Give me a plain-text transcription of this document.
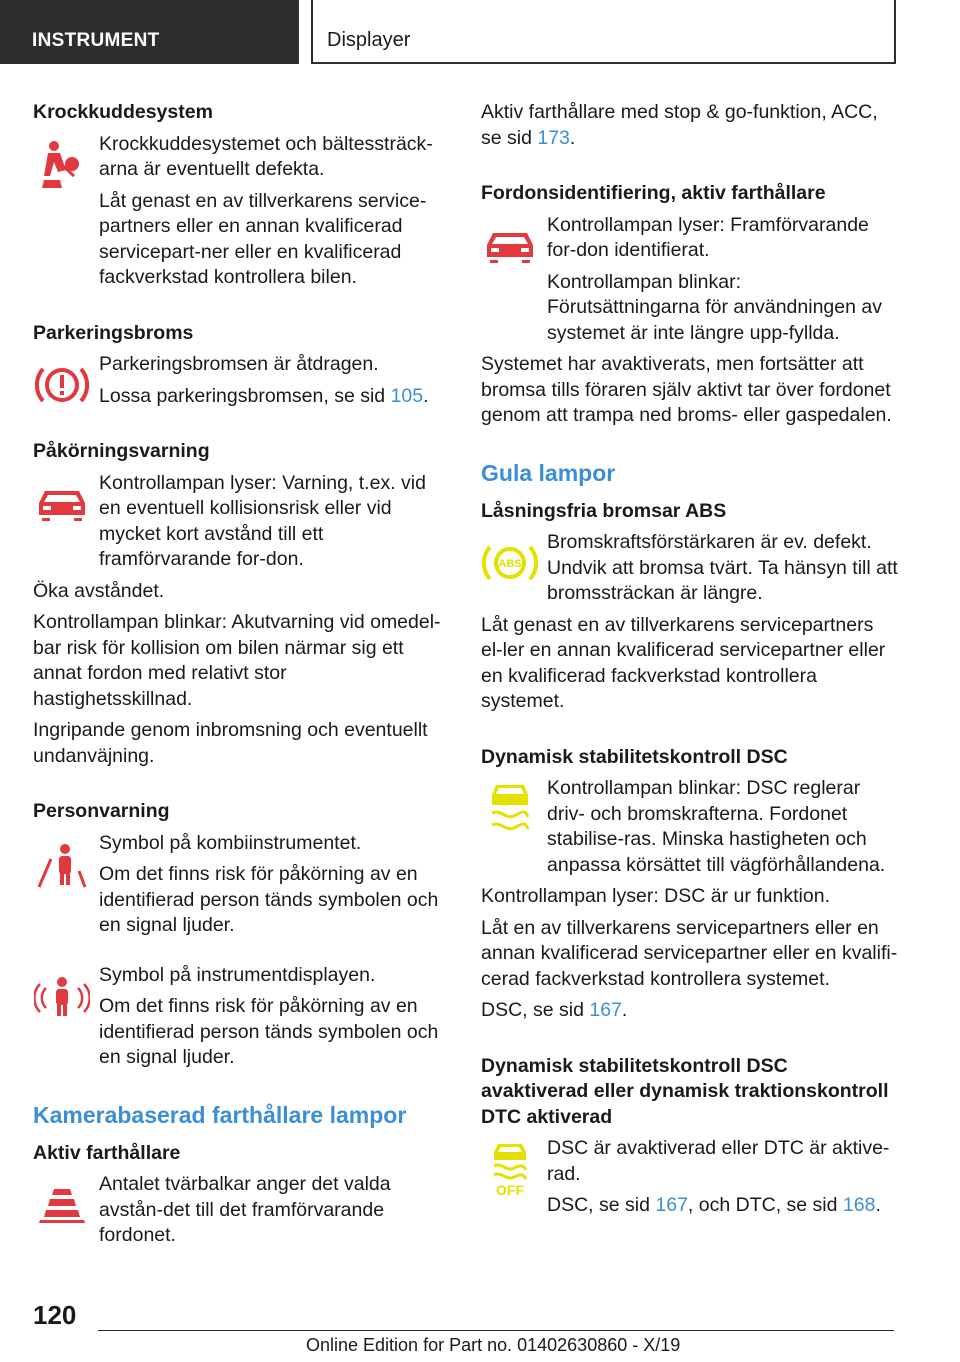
INSTRUMENT	Displayer
Krockkuddesystem

Krockkuddesystemet och bältessträck-arna är eventuellt defekta.

Låt genast en av tillverkarens service-partners eller en annan kvalificerad servicepart-ner eller en kvalificerad fackverkstad kontrollera bilen.

Parkeringsbroms

Parkeringsbromsen är åtdragen.

Lossa parkeringsbromsen, se sid 105.

Påkörningsvarning

Kontrollampan lyser: Varning, t.ex. vid en eventuell kollisionsrisk eller vid mycket kort avstånd till ett framförvarande for-don.

Öka avståndet.

Kontrollampan blinkar: Akutvarning vid omedel-bar risk för kollision om bilen närmar sig ett annat fordon med relativt stor hastighetsskillnad.

Ingripande genom inbromsning och eventuellt undanväjning.

Personvarning

Symbol på kombiinstrumentet.

Om det finns risk för påkörning av en identifierad person tänds symbolen och en signal ljuder.

Symbol på instrumentdisplayen.

Om det finns risk för påkörning av en identifierad person tänds symbolen och en signal ljuder.

Kamerabaserad farthållare lampor
Aktiv farthållare

Antalet tvärbalkar anger det valda avstån-det till det framförvarande fordonet.

Aktiv farthållare med stop & go-funktion, ACC, se sid 173.

Fordonsidentifiering, aktiv farthållare

Kontrollampan lyser: Framförvarande for-don identifierat.

Kontrollampan blinkar: Förutsättningarna för användningen av systemet är inte längre upp-fyllda.

Systemet har avaktiverats, men fortsätter att bromsa tills föraren själv aktivt tar över fordonet genom att trampa ned broms- eller gaspedalen.

Gula lampor
Låsningsfria bromsar ABS
ABS

Bromskraftsförstärkaren är ev. defekt. Undvik att bromsa tvärt. Ta hänsyn till att bromssträckan är längre.

Låt genast en av tillverkarens servicepartners el-ler en annan kvalificerad servicepartner eller en kvalificerad fackverkstad kontrollera systemet.

Dynamisk stabilitetskontroll DSC

Kontrollampan blinkar: DSC reglerar driv- och bromskrafterna. Fordonet stabilise-ras. Minska hastigheten och anpassa körsättet till vägförhållandena.

Kontrollampan lyser: DSC är ur funktion.

Låt en av tillverkarens servicepartners eller en annan kvalificerad servicepartner eller en kvalifi-cerad fackverkstad kontrollera systemet.

DSC, se sid 167.

Dynamisk stabilitetskontroll DSC avaktiverad eller dynamisk traktionskontroll DTC aktiverad
OFF

DSC är avaktiverad eller DTC är aktive-rad.

DSC, se sid 167, och DTC, se sid 168.

120
Online Edition for Part no. 01402630860 - X/19
